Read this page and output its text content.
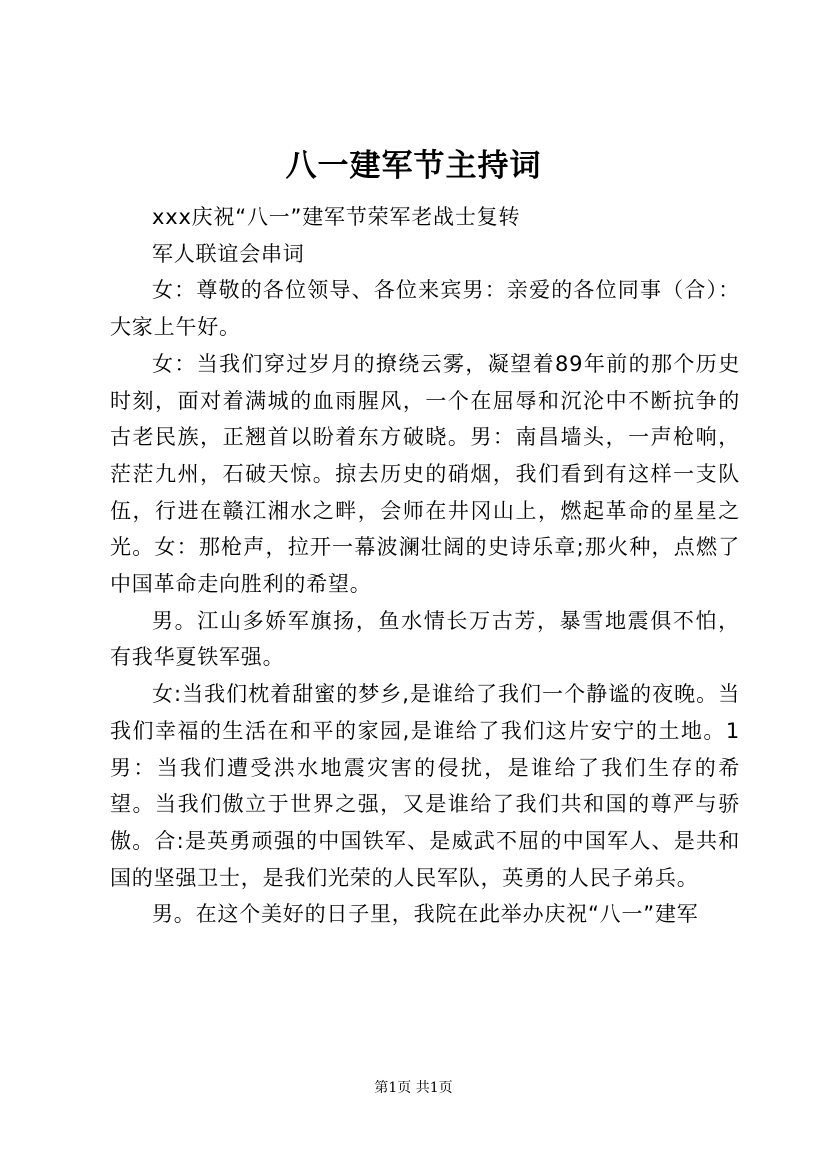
八一建军节主持词

xxx庆祝“八一”建军节荣军老战士复转

军人联谊会串词

女：尊敬的各位领导、各位来宾男：亲爱的各位同事（合）：大家上午好。

女：当我们穿过岁月的撩绕云雾，凝望着89年前的那个历史时刻，面对着满城的血雨腥风，一个在屈辱和沉沦中不断抗争的古老民族，正翘首以盼着东方破晓。男：南昌墙头，一声枪响，茫茫九州，石破天惊。掠去历史的硝烟，我们看到有这样一支队伍，行进在赣江湘水之畔，会师在井冈山上，燃起革命的星星之光。女：那枪声，拉开一幕波澜壮阔的史诗乐章;那火种，点燃了中国革命走向胜利的希望。

男。江山多娇军旗扬，鱼水情长万古芳，暴雪地震俱不怕，有我华夏铁军强。

女:当我们枕着甜蜜的梦乡,是谁给了我们一个静谧的夜晚。当我们幸福的生活在和平的家园,是谁给了我们这片安宁的土地。1男：当我们遭受洪水地震灾害的侵扰，是谁给了我们生存的希望。当我们傲立于世界之强，又是谁给了我们共和国的尊严与骄傲。合:是英勇顽强的中国铁军、是威武不屈的中国军人、是共和国的坚强卫士，是我们光荣的人民军队，英勇的人民子弟兵。

男。在这个美好的日子里，我院在此举办庆祝“八一”建军

第1页 共1页
